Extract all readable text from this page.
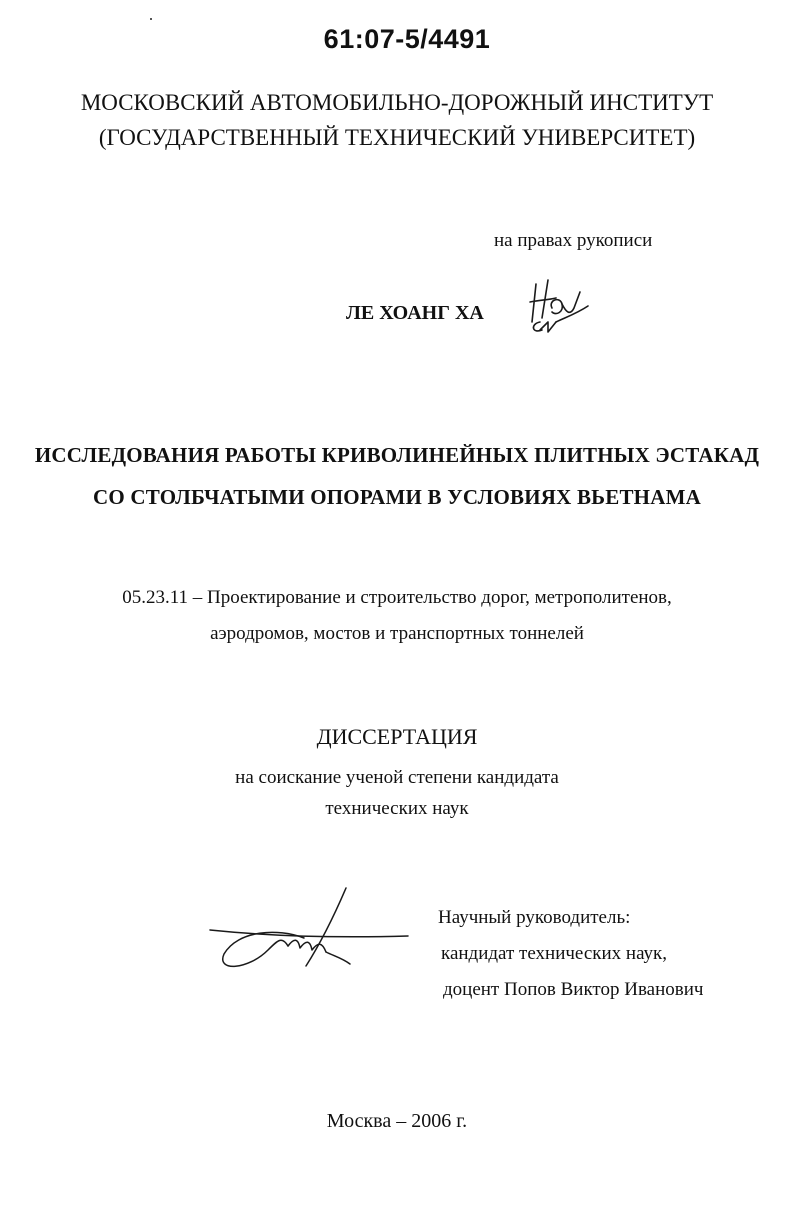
61:07-5/4491
МОСКОВСКИЙ АВТОМОБИЛЬНО-ДОРОЖНЫЙ ИНСТИТУТ
(ГОСУДАРСТВЕННЫЙ ТЕХНИЧЕСКИЙ УНИВЕРСИТЕТ)
на правах рукописи
ЛЕ ХОАНГ ХА
ИССЛЕДОВАНИЯ РАБОТЫ КРИВОЛИНЕЙНЫХ ПЛИТНЫХ ЭСТАКАД
СО СТОЛБЧАТЫМИ ОПОРАМИ В УСЛОВИЯХ ВЬЕТНАМА
05.23.11 – Проектирование и строительство дорог, метрополитенов,
аэродромов, мостов и транспортных тоннелей
ДИССЕРТАЦИЯ
на соискание ученой степени кандидата
технических наук
Научный руководитель:
кандидат технических наук,
доцент Попов Виктор Иванович
Москва – 2006 г.
